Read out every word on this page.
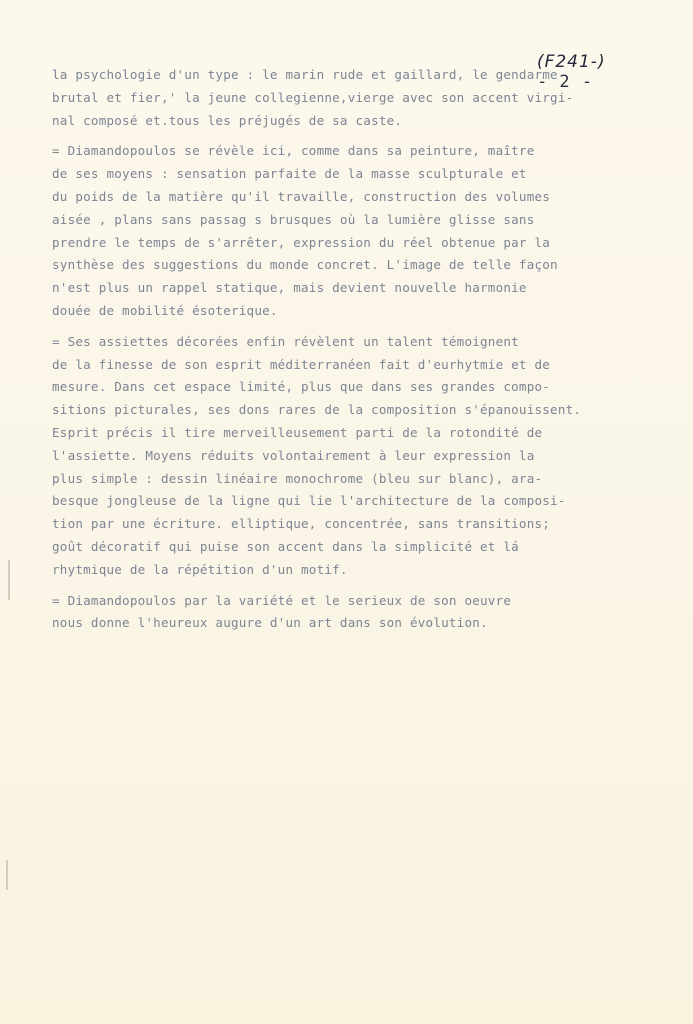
(F241-)
- 2 -

la psychologie d'un type : le marin rude et gaillard, le gendarme
brutal et fier,' la jeune collegienne,vierge avec son accent virgi-
nal composé et.tous les préjugés de sa caste.
= Diamandopoulos se révèle ici, comme dans sa peinture, maître
de ses moyens : sensation parfaite de la masse sculpturale et
du poids de la matière qu'il travaille, construction des volumes
aisée , plans sans passag s brusques où la lumière glisse sans
prendre le temps de s'arrêter, expression du réel obtenue par la
synthèse des suggestions du monde concret. L'image de telle façon
n'est plus un rappel statique, mais devient nouvelle harmonie
douée de mobilité ésoterique.
= Ses assiettes décorées enfin révèlent un talent témoignent
de la finesse de son esprit méditerranéen fait d'eurhytmie et de
mesure. Dans cet espace limité, plus que dans ses grandes compo-
sitions picturales, ses dons rares de la composition s'épanouissent.
Esprit précis il tire merveilleusement parti de la rotondité de
l'assiette. Moyens réduits volontairement à leur expression la
plus simple : dessin linéaire monochrome (bleu sur blanc), ara-
besque jongleuse de la ligne qui lie l'architecture de la composi-
tion par une écriture. elliptique, concentrée, sans transitions;
goût décoratif qui puise son accent dans la simplicité et lá
rhytmique de la répétition d'un motif.
= Diamandopoulos par la variété et le serieux de son oeuvre
nous donne l'heureux augure d'un art dans son évolution.
